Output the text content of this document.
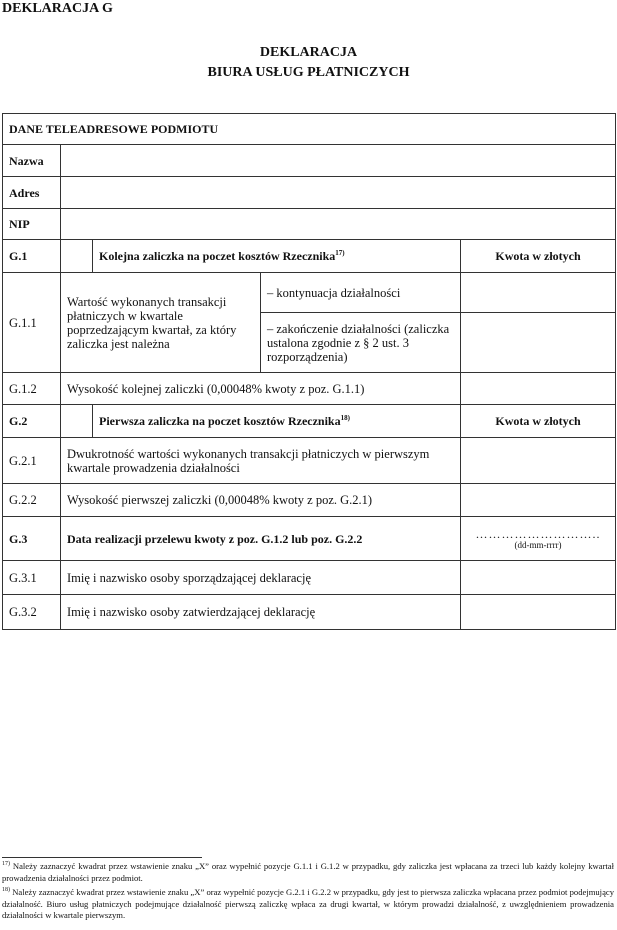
DEKLARACJA G
DEKLARACJA
BIURA USŁUG PŁATNICZYCH
DANE TELEADRESOWE PODMIOTU				
Nazwa				
Adres				
NIP				
G.1		Kolejna zaliczka na poczet kosztów Rzecznika$^{17)}$		Kwota w złotych
G.1.1	Wartość wykonanych transakcji płatniczych w kwartale poprzedzającym kwartał, za który zaliczka jest należna		– kontynuacja działalności	
			– zakończenie działalności (zaliczka ustalona zgodnie z § 2 ust. 3 rozporządzenia)	
G.1.2	Wysokość kolejnej zaliczki (0,00048% kwoty z poz. G.1.1)			
G.2		Pierwsza zaliczka na poczet kosztów Rzecznika$^{18)}$		Kwota w złotych
G.2.1	Dwukrotność wartości wykonanych transakcji płatniczych w pierwszym kwartale prowadzenia działalności			
G.2.2	Wysokość pierwszej zaliczki (0,00048% kwoty z poz. G.2.1)			
G.3	Data realizacji przelewu kwoty z poz. G.1.2 lub poz. G.2.2			………………………..
(dd-mm-rrrr)

G.3.1	Imię i nazwisko osoby sporządzającej deklarację			
G.3.2	Imię i nazwisko osoby zatwierdzającej deklarację			

$^{17)}$ Należy zaznaczyć kwadrat przez wstawienie znaku „X” oraz wypełnić pozycje G.1.1 i G.1.2 w przypadku, gdy zaliczka jest wpłacana za trzeci lub każdy kolejny kwartał prowadzenia działalności przez podmiot.

$^{18)}$ Należy zaznaczyć kwadrat przez wstawienie znaku „X” oraz wypełnić pozycje G.2.1 i G.2.2 w przypadku, gdy jest to pierwsza zaliczka wpłacana przez podmiot podejmujący działalność. Biuro usług płatniczych podejmujące działalność pierwszą zaliczkę wpłaca za drugi kwartał, w którym prowadzi działalność, z uwzględnieniem prowadzenia działalności w kwartale pierwszym.
